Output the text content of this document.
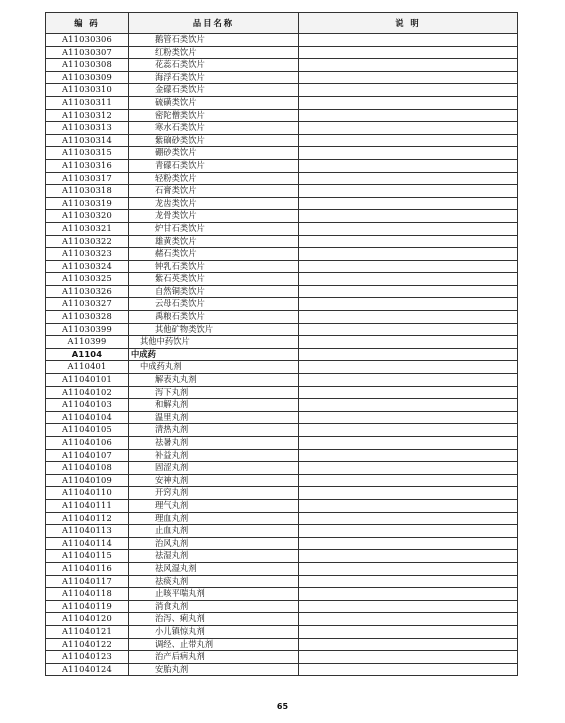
编 码	品目名称	说 明
A11030306	鹅管石类饮片	
A11030307	红粉类饮片	
A11030308	花蕊石类饮片	
A11030309	海浮石类饮片	
A11030310	金礞石类饮片	
A11030311	硫磺类饮片	
A11030312	密陀僧类饮片	
A11030313	寒水石类饮片	
A11030314	紫硇砂类饮片	
A11030315	硼砂类饮片	
A11030316	青礞石类饮片	
A11030317	轻粉类饮片	
A11030318	石膏类饮片	
A11030319	龙齿类饮片	
A11030320	龙骨类饮片	
A11030321	炉甘石类饮片	
A11030322	雄黄类饮片	
A11030323	赭石类饮片	
A11030324	钟乳石类饮片	
A11030325	紫石英类饮片	
A11030326	自然铜类饮片	
A11030327	云母石类饮片	
A11030328	禹粮石类饮片	
A11030399	其他矿物类饮片	
A110399	其他中药饮片	
A1104	中成药	
A110401	中成药丸剂	
A11040101	解表丸丸剂	
A11040102	泻下丸剂	
A11040103	和解丸剂	
A11040104	温里丸剂	
A11040105	清热丸剂	
A11040106	祛暑丸剂	
A11040107	补益丸剂	
A11040108	固涩丸剂	
A11040109	安神丸剂	
A11040110	开窍丸剂	
A11040111	理气丸剂	
A11040112	理血丸剂	
A11040113	止血丸剂	
A11040114	治风丸剂	
A11040115	祛湿丸剂	
A11040116	祛风湿丸剂	
A11040117	祛痰丸剂	
A11040118	止咳平喘丸剂	
A11040119	消食丸剂	
A11040120	治泻、痢丸剂	
A11040121	小儿镇惊丸剂	
A11040122	调经、止带丸剂	
A11040123	治产后病丸剂	
A11040124	安胎丸剂	
65
